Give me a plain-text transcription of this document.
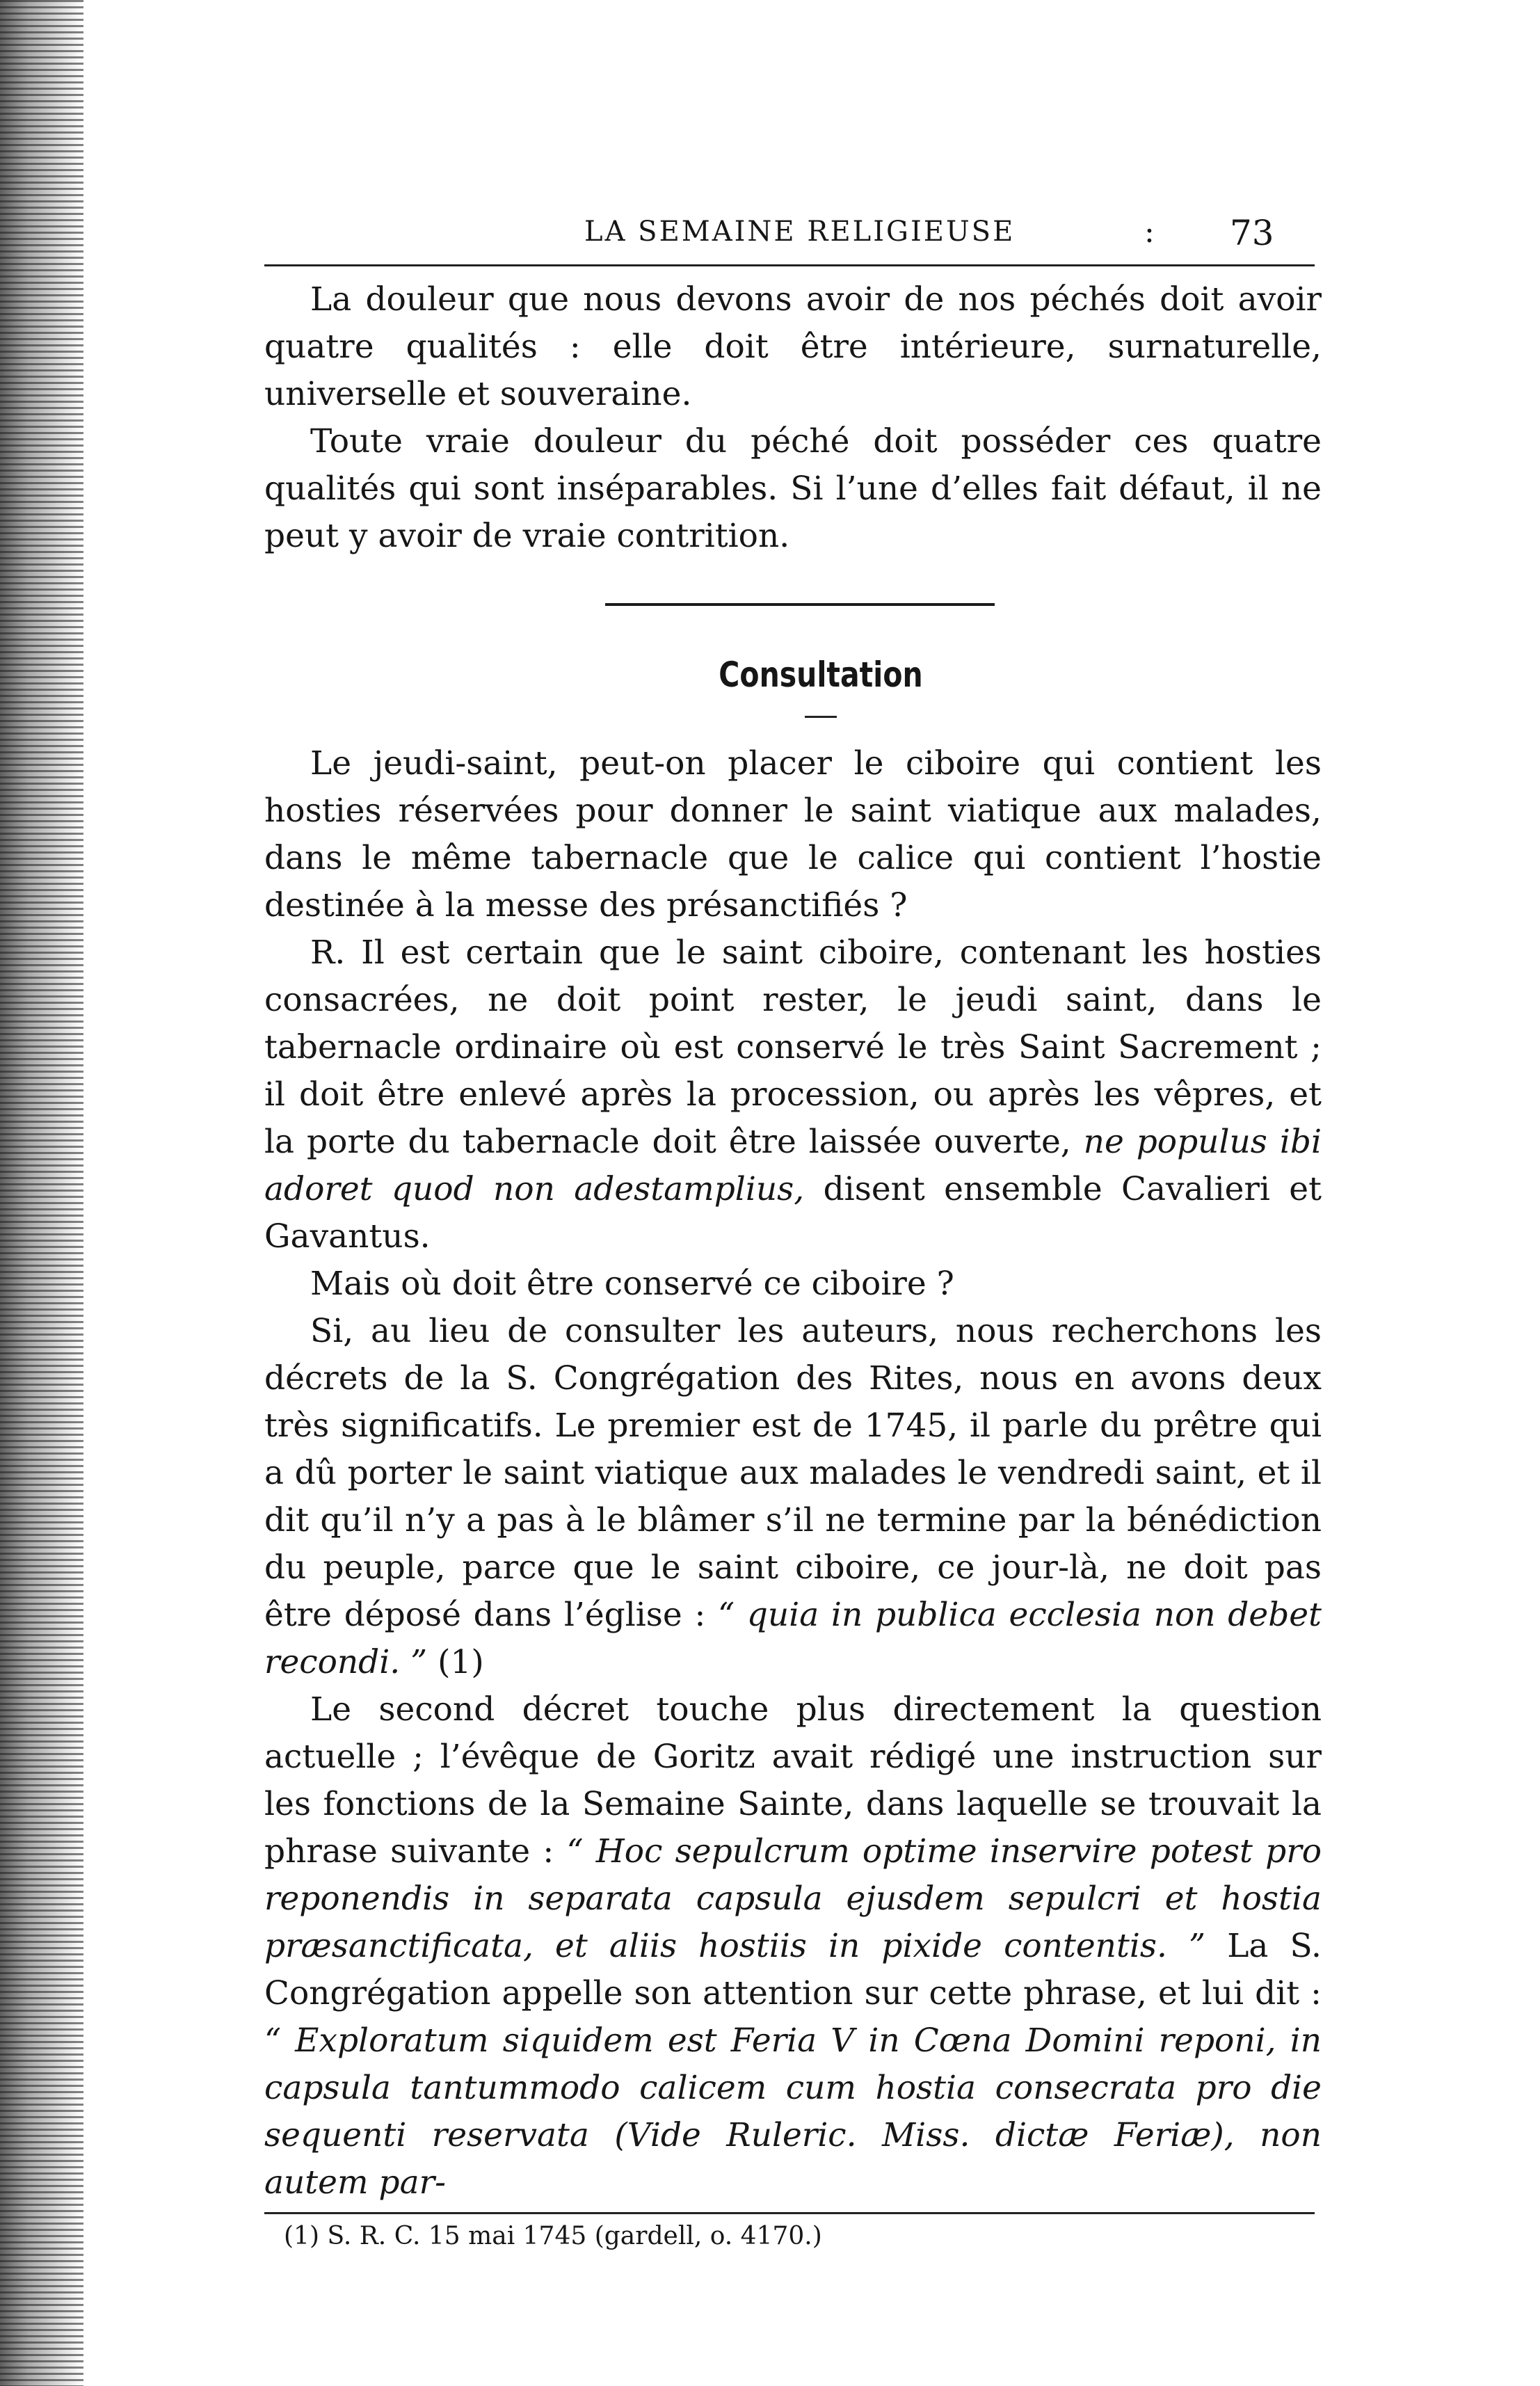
LA SEMAINE RELIGIEUSE	: 73

La douleur que nous devons avoir de nos péchés doit avoir quatre qualités : elle doit être intérieure, surnaturelle, universelle et souveraine.

Toute vraie douleur du péché doit posséder ces quatre qualités qui sont inséparables. Si l’une d’elles fait défaut, il ne peut y avoir de vraie contrition.

Consultation

Le jeudi-saint, peut-on placer le ciboire qui contient les hosties réservées pour donner le saint viatique aux malades, dans le même tabernacle que le calice qui contient l’hostie destinée à la messe des présanctifiés ?

R. Il est certain que le saint ciboire, contenant les hosties consacrées, ne doit point rester, le jeudi saint, dans le tabernacle ordinaire où est conservé le très Saint Sacrement ; il doit être enlevé après la procession, ou après les vêpres, et la porte du tabernacle doit être laissée ouverte, ne populus ibi adoret quod non adestamplius, disent ensemble Cavalieri et Gavantus.

Mais où doit être conservé ce ciboire ?

Si, au lieu de consulter les auteurs, nous recherchons les décrets de la S. Congrégation des Rites, nous en avons deux très significatifs. Le premier est de 1745, il parle du prêtre qui a dû porter le saint viatique aux malades le vendredi saint, et il dit qu’il n’y a pas à le blâmer s’il ne termine par la bénédiction du peuple, parce que le saint ciboire, ce jour-là, ne doit pas être déposé dans l’église : “ quia in publica ecclesia non debet recondi. ” (1)

Le second décret touche plus directement la question actuelle ; l’évêque de Goritz avait rédigé une instruction sur les fonctions de la Semaine Sainte, dans laquelle se trouvait la phrase suivante : “ Hoc sepulcrum optime inservire potest pro reponendis in separata capsula ejusdem sepulcri et hostia præsanctificata, et aliis hostiis in pixide contentis. ” La S. Congrégation appelle son attention sur cette phrase, et lui dit : “ Exploratum siquidem est Feria V in Cœna Domini reponi, in capsula tantummodo calicem cum hostia consecrata pro die sequenti reservata (Vide Ruleric. Miss. dictæ Feriæ), non autem par-

(1) S. R. C. 15 mai 1745 (gardell, o. 4170.)
